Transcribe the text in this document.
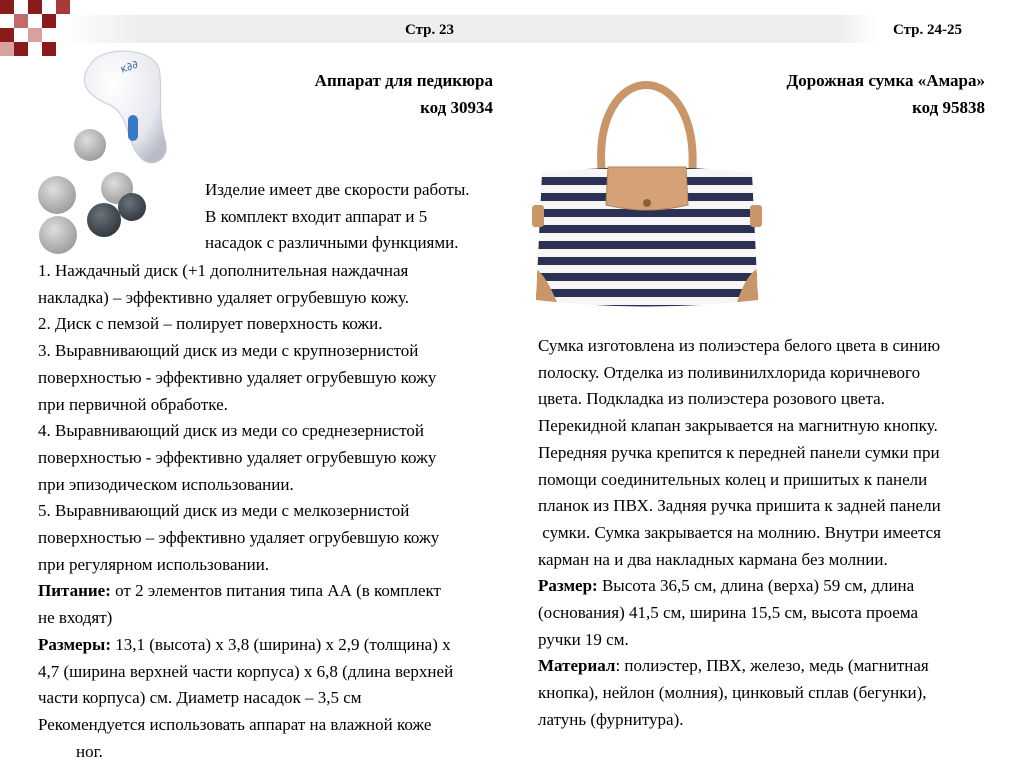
Стр. 23	Стр. 24-25
ᴋ∂∂
Аппарат для педикюра
код 30934

Изделие имеет две скорости работы.

В комплект входит аппарат и 5

насадок с различными функциями.

1. Наждачный диск (+1 дополнительная наждачная

накладка) – эффективно удаляет огрубевшую кожу.

2. Диск с пемзой – полирует поверхность кожи.

3. Выравнивающий диск из меди с крупнозернистой

поверхностью - эффективно удаляет огрубевшую кожу

при первичной обработке.

4. Выравнивающий диск из меди со среднезернистой

поверхностью - эффективно удаляет огрубевшую кожу

при эпизодическом использовании.

5. Выравнивающий диск из меди с мелкозернистой

поверхностью – эффективно удаляет огрубевшую кожу

при регулярном использовании.

Питание: от 2 элементов питания типа АА (в комплект

не входят)

Размеры: 13,1 (высота) х 3,8 (ширина) х 2,9 (толщина) х

4,7 (ширина верхней части корпуса) х 6,8 (длина верхней

части корпуса) см. Диаметр насадок – 3,5 см

Рекомендуется использовать аппарат на влажной коже

ног.

Дорожная сумка «Амара»
код 95838

Сумка изготовлена из полиэстера белого цвета в синию

полоску. Отделка из поливинилхлорида коричневого

цвета. Подкладка из полиэстера розового цвета.

Перекидной клапан закрывается на магнитную кнопку.

Передняя ручка крепится к передней панели сумки при

помощи соединительных колец и пришитых к панели

планок из ПВХ. Задняя ручка пришита к задней панели

сумки. Сумка закрывается на молнию. Внутри имеется

карман на и два накладных кармана без молнии.

Размер: Высота 36,5 см, длина (верха) 59 см, длина

(основания) 41,5 см, ширина 15,5 см, высота проема

ручки 19 см.

Материал: полиэстер, ПВХ, железо, медь (магнитная

кнопка), нейлон (молния), цинковый сплав (бегунки),

латунь (фурнитура).
